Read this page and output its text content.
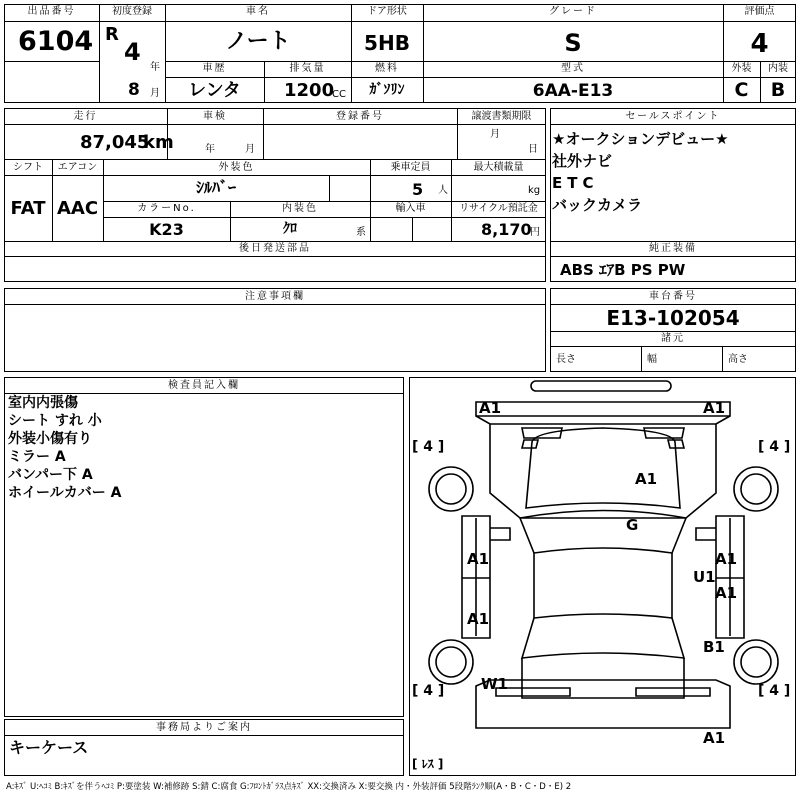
出品番号
6104
初度登録
R
4
年
8 月
車名
ノート
ドア形状
5HB
グレード
S
評価点
4
車歴
レンタ
排気量
1200
CC
燃料
ｶﾞｿﾘﾝ
型式
6AA-E13
外装
C
内装
B
走行
87,045
km
車検
年	月
登録番号	譲渡書類期限
月
日
シフト
FAT
エアコン
AAC
外装色
ｼﾙﾊﾞｰ
乗車定員
5 人
最大積載量
kg
カラーNo.
K23
内装色
ｸﾛ	系
輸入車	リサイクル預託金
8,170
円
後日発送部品
セールスポイント
★オークションデビュー★
社外ナビ
ETC
バックカメラ
純正装備
ABS ｴｱB PS PW
注意事項欄	車台番号
E13-102054
諸元
長さ	幅	高さ
検査員記入欄
室内内張傷
シート すれ 小
外装小傷有り
ミラー A
バンパー下 A
ホイールカバー A
事務局よりご案内
キーケース
A1	A1
A1
G
A1	A1
U1
A1
A1
B1
W1
A1
[ 4 ]	[ 4 ]
[ 4 ]	[ 4 ]
[ ﾚｽ ]
A:ｷｽﾞ U:ﾍｺﾐ B:ｷｽﾞを伴うﾍｺﾐ P:要塗装 W:補修跡 S:錆 C:腐食 G:ﾌﾛﾝﾄｶﾞﾗｽ点ｷｽﾞ XX:交換済み X:要交換 内・外装評価 5段階ﾗﾝｸ順(A・B・C・D・E) 2
